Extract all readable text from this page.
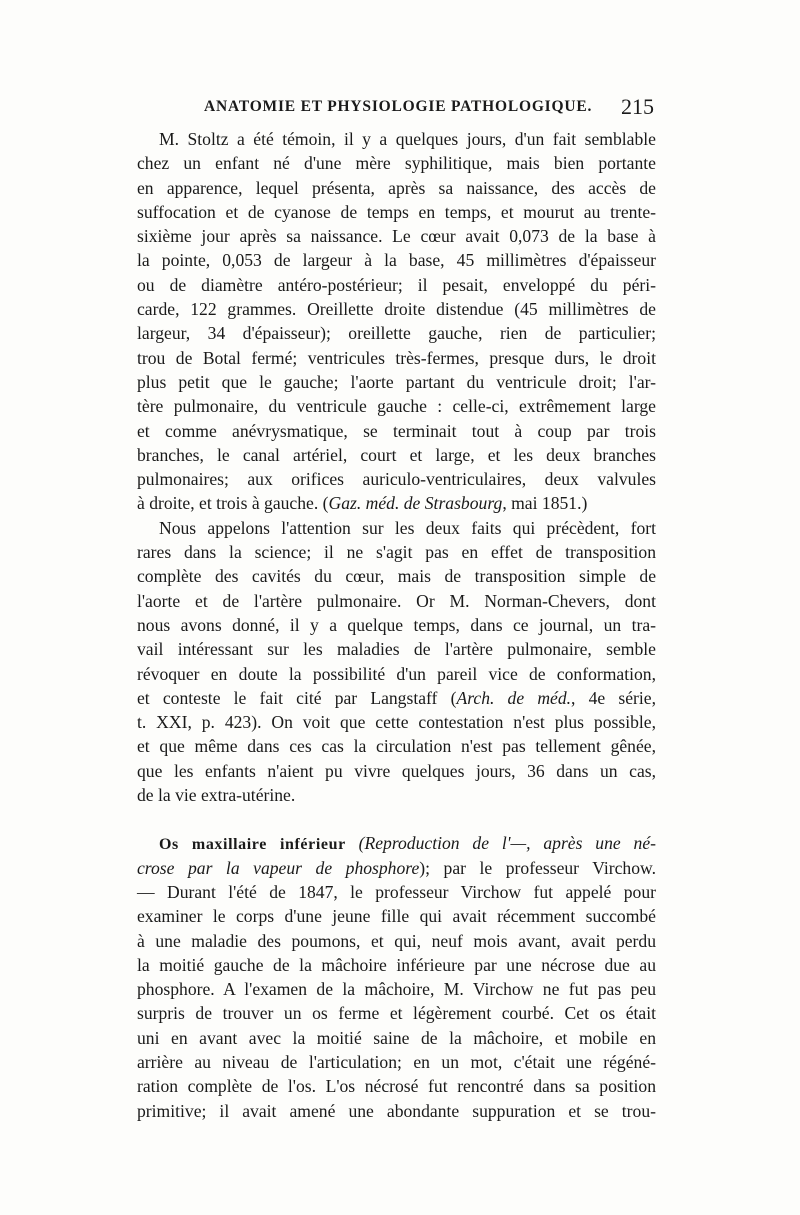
ANATOMIE ET PHYSIOLOGIE PATHOLOGIQUE. 215
M. Stoltz a été témoin, il y a quelques jours, d'un fait semblable
chez un enfant né d'une mère syphilitique, mais bien portante
en apparence, lequel présenta, après sa naissance, des accès de
suffocation et de cyanose de temps en temps, et mourut au trente-
sixième jour après sa naissance. Le cœur avait 0,073 de la base à
la pointe, 0,053 de largeur à la base, 45 millimètres d'épaisseur
ou de diamètre antéro-postérieur; il pesait, enveloppé du péri-
carde, 122 grammes. Oreillette droite distendue (45 millimètres de
largeur, 34 d'épaisseur); oreillette gauche, rien de particulier;
trou de Botal fermé; ventricules très-fermes, presque durs, le droit
plus petit que le gauche; l'aorte partant du ventricule droit; l'ar-
tère pulmonaire, du ventricule gauche : celle-ci, extrêmement large
et comme anévrysmatique, se terminait tout à coup par trois
branches, le canal artériel, court et large, et les deux branches
pulmonaires; aux orifices auriculo-ventriculaires, deux valvules
à droite, et trois à gauche. (Gaz. méd. de Strasbourg, mai 1851.)
Nous appelons l'attention sur les deux faits qui précèdent, fort
rares dans la science; il ne s'agit pas en effet de transposition
complète des cavités du cœur, mais de transposition simple de
l'aorte et de l'artère pulmonaire. Or M. Norman-Chevers, dont
nous avons donné, il y a quelque temps, dans ce journal, un tra-
vail intéressant sur les maladies de l'artère pulmonaire, semble
révoquer en doute la possibilité d'un pareil vice de conformation,
et conteste le fait cité par Langstaff (Arch. de méd., 4e série,
t. XXI, p. 423). On voit que cette contestation n'est plus possible,
et que même dans ces cas la circulation n'est pas tellement gênée,
que les enfants n'aient pu vivre quelques jours, 36 dans un cas,
de la vie extra-utérine.
Os maxillaire inférieur (Reproduction de l'—, après une né-
crose par la vapeur de phosphore); par le professeur Virchow.
— Durant l'été de 1847, le professeur Virchow fut appelé pour
examiner le corps d'une jeune fille qui avait récemment succombé
à une maladie des poumons, et qui, neuf mois avant, avait perdu
la moitié gauche de la mâchoire inférieure par une nécrose due au
phosphore. A l'examen de la mâchoire, M. Virchow ne fut pas peu
surpris de trouver un os ferme et légèrement courbé. Cet os était
uni en avant avec la moitié saine de la mâchoire, et mobile en
arrière au niveau de l'articulation; en un mot, c'était une régéné-
ration complète de l'os. L'os nécrosé fut rencontré dans sa position
primitive; il avait amené une abondante suppuration et se trou-
